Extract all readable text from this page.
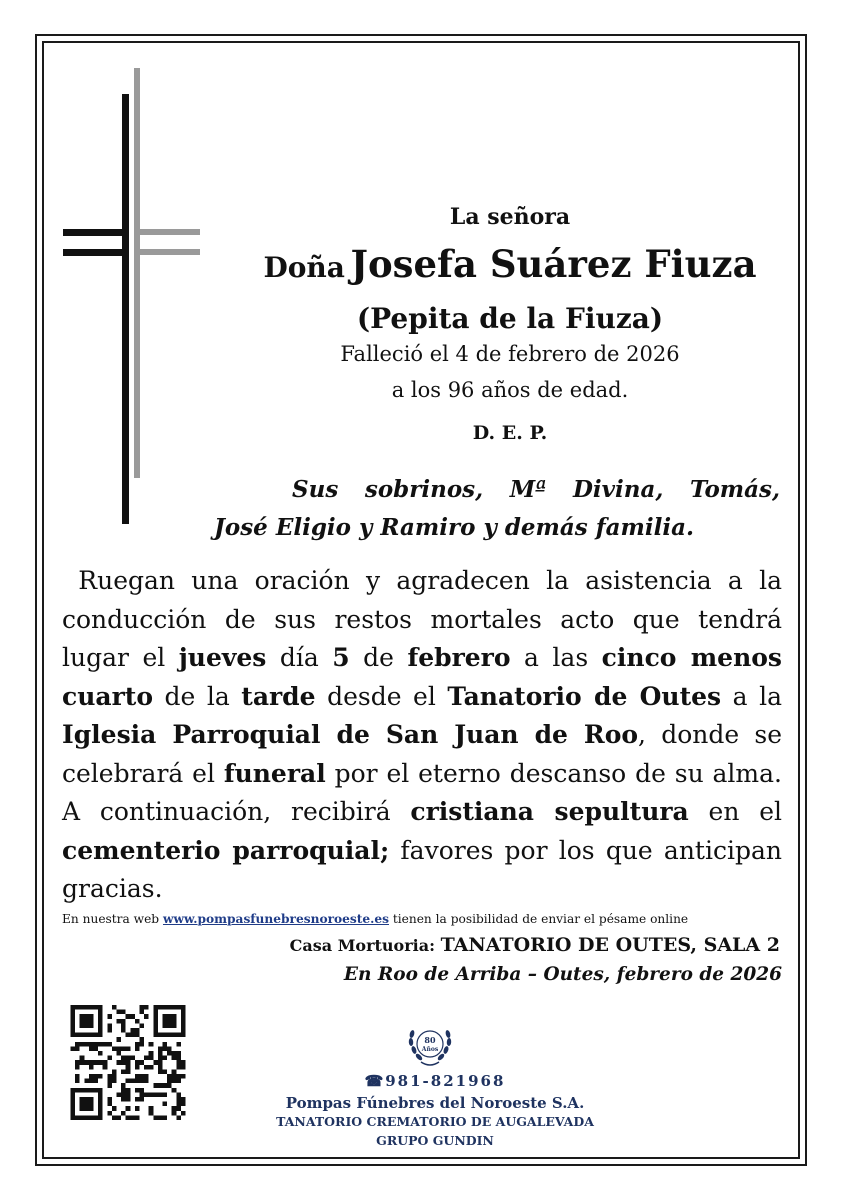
La señora
Doña Josefa Suárez Fiuza
(Pepita de la Fiuza)
Falleció el 4 de febrero de 2026
a los 96 años de edad.
D. E. P.
Sus sobrinos, Mª Divina, Tomás,
José Eligio y Ramiro y demás familia.
Ruegan una oración y agradecen la asistencia a la conducción de sus restos mortales acto que tendrá lugar el jueves día 5 de febrero a las cinco menos cuarto de la tarde desde el Tanatorio de Outes a la Iglesia Parroquial de San Juan de Roo, donde se celebrará el funeral por el eterno descanso de su alma. A continuación, recibirá cristiana sepultura en el cementerio parroquial; favores por los que anticipan gracias.
En nuestra web www.pompasfunebresnoroeste.es tienen la posibilidad de enviar el pésame online
Casa Mortuoria: TANATORIO DE OUTES, SALA 2
En Roo de Arriba – Outes, febrero de 2026
80
Años
☎981-821968
Pompas Fúnebres del Noroeste S.A.
TANATORIO CREMATORIO DE AUGALEVADA
GRUPO GUNDIN
